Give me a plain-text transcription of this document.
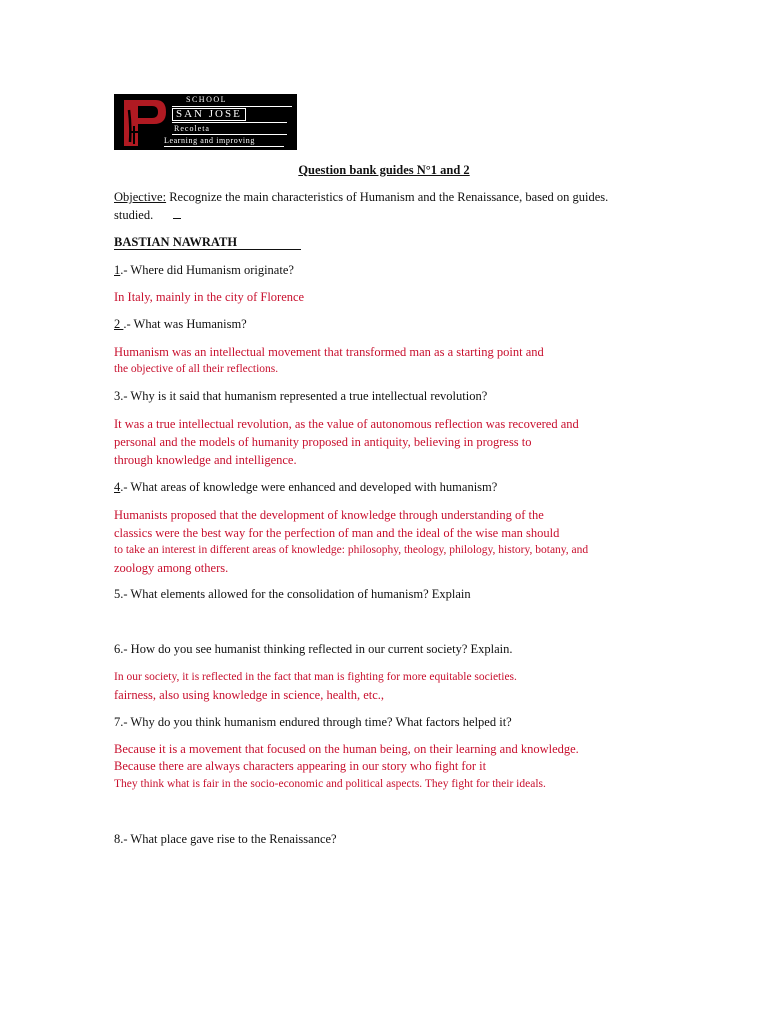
SCHOOL
SAN JOSE
Recoleta
Learning and improving
Question bank guides N°1 and 2
Objective: Recognize the main characteristics of Humanism and the Renaissance, based on guides.
studied.
BASTIAN NAWRATH
1.- Where did Humanism originate?
In Italy, mainly in the city of Florence
2 .- What was Humanism?
Humanism was an intellectual movement that transformed man as a starting point and
the objective of all their reflections.
3.- Why is it said that humanism represented a true intellectual revolution?
It was a true intellectual revolution, as the value of autonomous reflection was recovered and
personal and the models of humanity proposed in antiquity, believing in progress to
through knowledge and intelligence.
4.- What areas of knowledge were enhanced and developed with humanism?
Humanists proposed that the development of knowledge through understanding of the
classics were the best way for the perfection of man and the ideal of the wise man should
to take an interest in different areas of knowledge: philosophy, theology, philology, history, botany, and
zoology among others.
5.- What elements allowed for the consolidation of humanism? Explain
6.- How do you see humanist thinking reflected in our current society? Explain.
In our society, it is reflected in the fact that man is fighting for more equitable societies.
fairness, also using knowledge in science, health, etc.,
7.- Why do you think humanism endured through time? What factors helped it?
Because it is a movement that focused on the human being, on their learning and knowledge.
Because there are always characters appearing in our story who fight for it
They think what is fair in the socio-economic and political aspects. They fight for their ideals.
8.- What place gave rise to the Renaissance?
